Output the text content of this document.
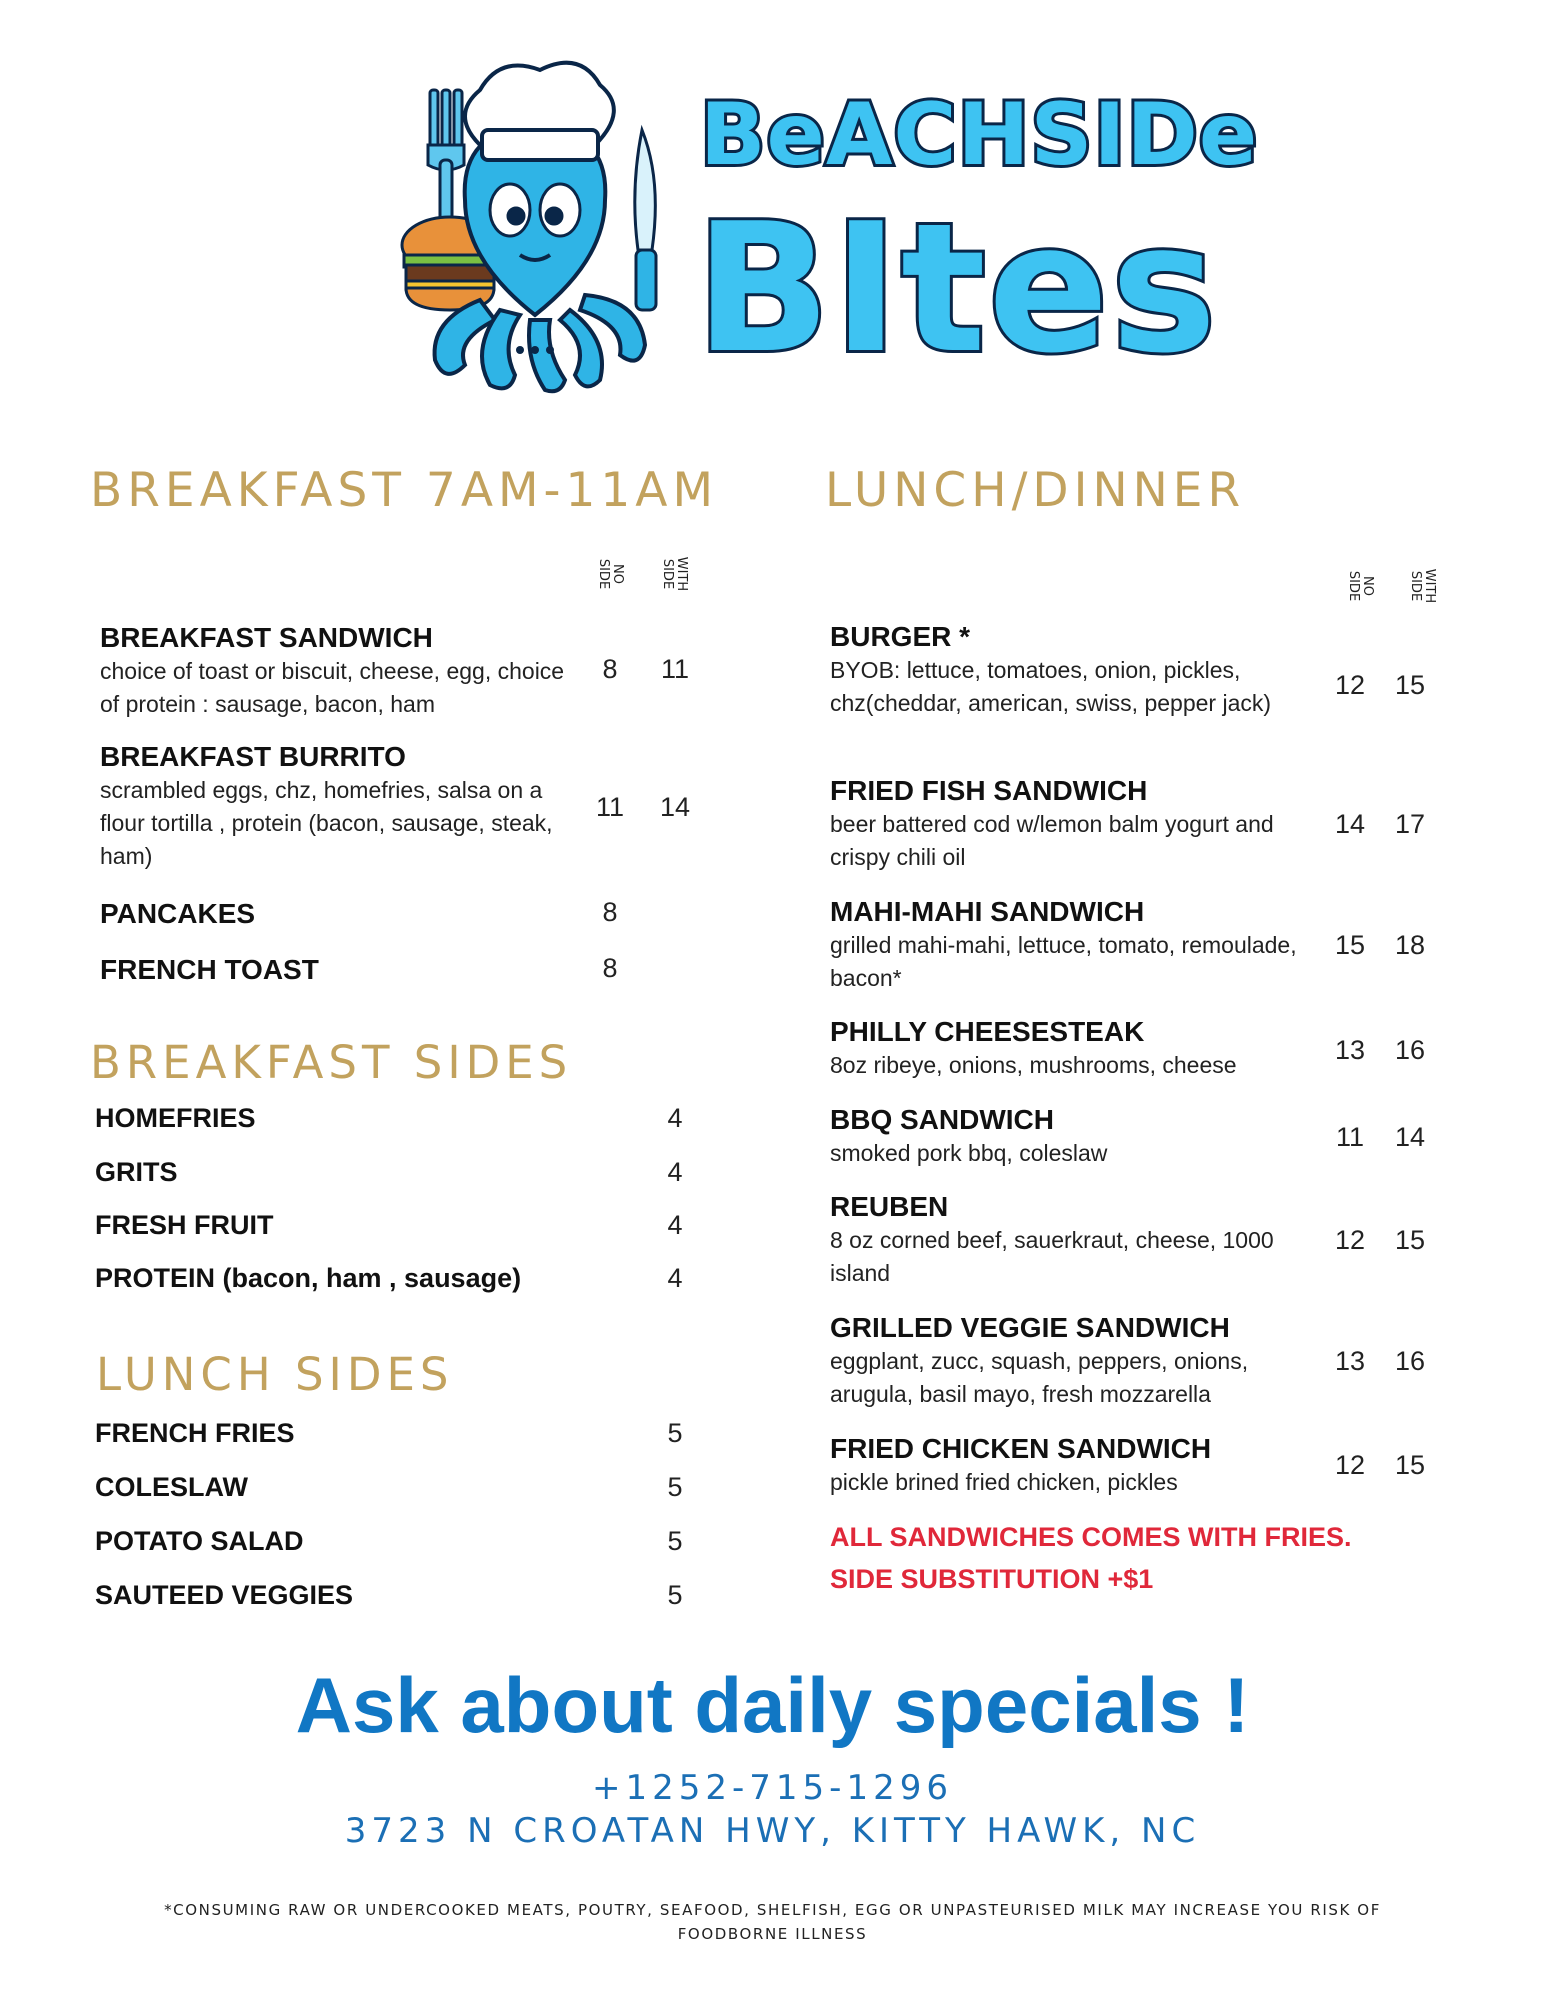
BeACHSIDe
BItes
BREAKFAST 7AM-11AM
NO
SIDE	WITH
SIDE
BREAKFAST SANDWICH
choice of toast or biscuit, cheese, egg, choice of protein : sausage, bacon, ham
8	11
BREAKFAST BURRITO
scrambled eggs, chz, homefries, salsa on a flour tortilla , protein (bacon, sausage, steak, ham)
11	14
PANCAKES	8
FRENCH TOAST	8
BREAKFAST SIDES
HOMEFRIES	4
GRITS	4
FRESH FRUIT	4
PROTEIN (bacon, ham , sausage)	4
LUNCH SIDES
FRENCH FRIES	5
COLESLAW	5
POTATO SALAD	5
SAUTEED VEGGIES	5
LUNCH/DINNER
NO
SIDE	WITH
SIDE
BURGER *
BYOB: lettuce, tomatoes, onion, pickles, chz(cheddar, american, swiss, pepper jack)
12	15
FRIED FISH SANDWICH
beer battered cod w/lemon balm yogurt and crispy chili oil
14	17
MAHI-MAHI SANDWICH
grilled mahi-mahi, lettuce, tomato, remoulade, bacon*
15	18
PHILLY CHEESESTEAK
8oz ribeye, onions, mushrooms, cheese	13	16
BBQ SANDWICH
smoked pork bbq, coleslaw
11	14
REUBEN
8 oz corned beef, sauerkraut, cheese, 1000 island
12	15
GRILLED VEGGIE SANDWICH
eggplant, zucc, squash, peppers, onions, arugula, basil mayo, fresh mozzarella
13	16
FRIED CHICKEN SANDWICH
pickle brined fried chicken, pickles
12	15
ALL SANDWICHES COMES WITH FRIES.
SIDE SUBSTITUTION +$1
Ask about daily specials !
+1252-715-1296
3723 N CROATAN HWY, KITTY HAWK, NC
*CONSUMING RAW OR UNDERCOOKED MEATS, POUTRY, SEAFOOD, SHELFISH, EGG OR UNPASTEURISED MILK MAY INCREASE YOU RISK OF FOODBORNE ILLNESS
